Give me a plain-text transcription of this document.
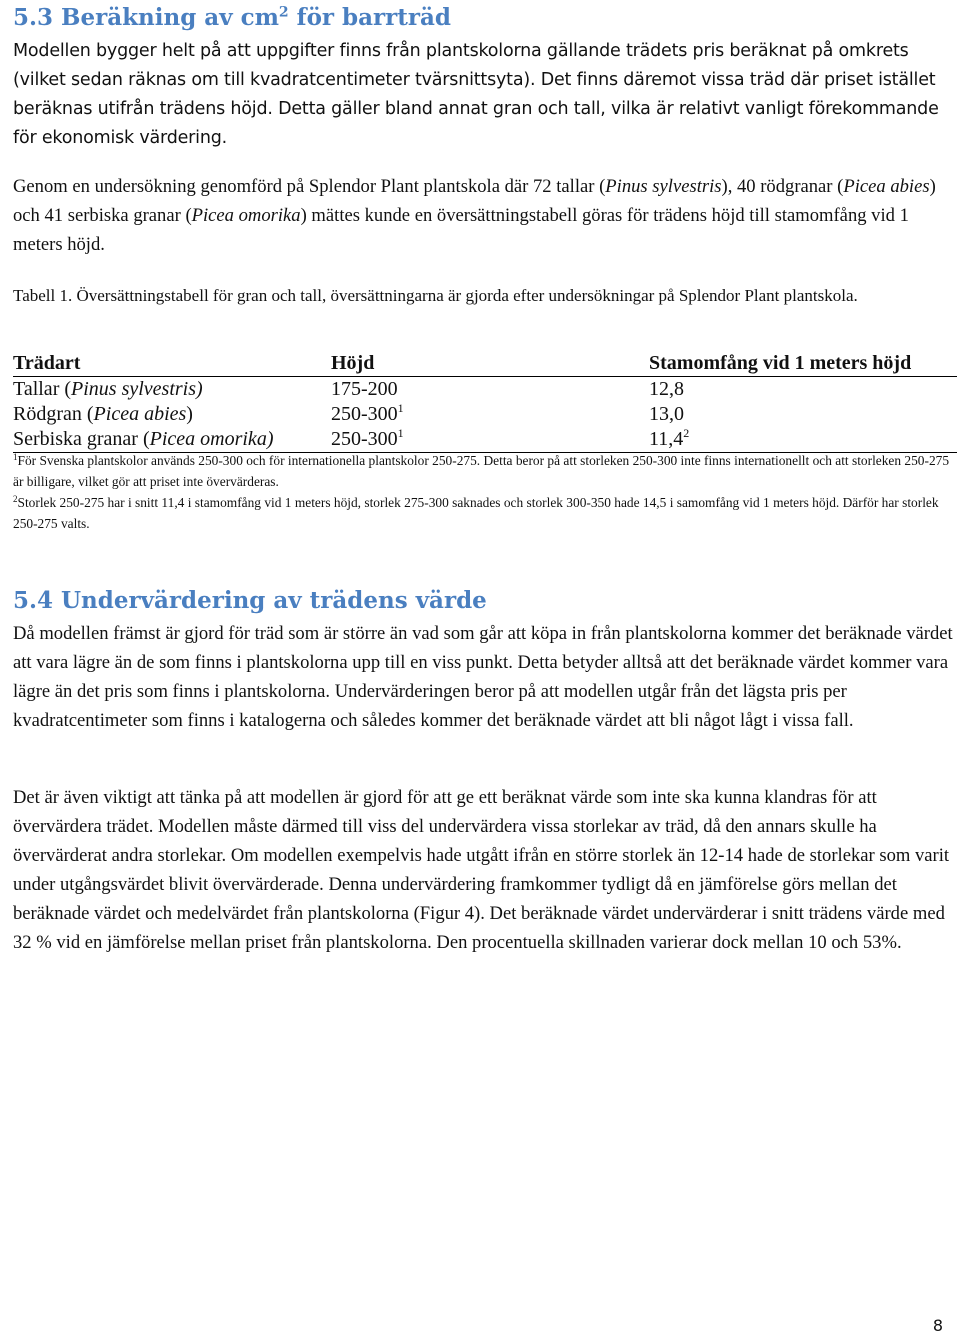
5.3 Beräkning av $cm^2$ för barrträd

Modellen bygger helt på att uppgifter finns från plantskolorna gällande trädets pris beräknat på omkrets (vilket sedan räknas om till kvadratcentimeter tvärsnittsyta). Det finns däremot vissa träd där priset istället beräknas utifrån trädens höjd. Detta gäller bland annat gran och tall, vilka är relativt vanligt förekommande för ekonomisk värdering.

Genom en undersökning genomförd på Splendor Plant plantskola där 72 tallar (Pinus sylvestris), 40 rödgranar (Picea abies) och 41 serbiska granar (Picea omorika) mättes kunde en översättningstabell göras för trädens höjd till stamomfång vid 1 meters höjd.

Tabell 1. Översättningstabell för gran och tall, översättningarna är gjorda efter undersökningar på Splendor Plant plantskola.

Trädart	Höjd	Stamomfång vid 1 meters höjd
Tallar (Pinus sylvestris)	175-200	12,8
Rödgran (Picea abies)	$250-300^1$	13,0
Serbiska granar (Picea omorika)	$250-300^1$	11,4$^2$

$^1$För Svenska plantskolor används 250-300 och för internationella plantskolor 250-275. Detta beror på att storleken 250-300 inte finns internationellt och att storleken 250-275 är billigare, vilket gör att priset inte övervärderas.

$^2$Storlek 250-275 har i snitt 11,4 i stamomfång vid 1 meters höjd, storlek 275-300 saknades och storlek 300-350 hade 14,5 i samomfång vid 1 meters höjd. Därför har storlek 250-275 valts.

5.4 Undervärdering av trädens värde

Då modellen främst är gjord för träd som är större än vad som går att köpa in från plantskolorna kommer det beräknade värdet att vara lägre än de som finns i plantskolorna upp till en viss punkt. Detta betyder alltså att det beräknade värdet kommer vara lägre än det pris som finns i plantskolorna. Undervärderingen beror på att modellen utgår från det lägsta pris per kvadratcentimeter som finns i katalogerna och således kommer det beräknade värdet att bli något lågt i vissa fall.

Det är även viktigt att tänka på att modellen är gjord för att ge ett beräknat värde som inte ska kunna klandras för att övervärdera trädet. Modellen måste därmed till viss del undervärdera vissa storlekar av träd, då den annars skulle ha övervärderat andra storlekar. Om modellen exempelvis hade utgått ifrån en större storlek än 12-14 hade de storlekar som varit under utgångsvärdet blivit övervärderade. Denna undervärdering framkommer tydligt då en jämförelse görs mellan det beräknade värdet och medelvärdet från plantskolorna (Figur 4). Det beräknade värdet undervärderar i snitt trädens värde med 32 % vid en jämförelse mellan priset från plantskolorna. Den procentuella skillnaden varierar dock mellan 10 och 53%.

8
